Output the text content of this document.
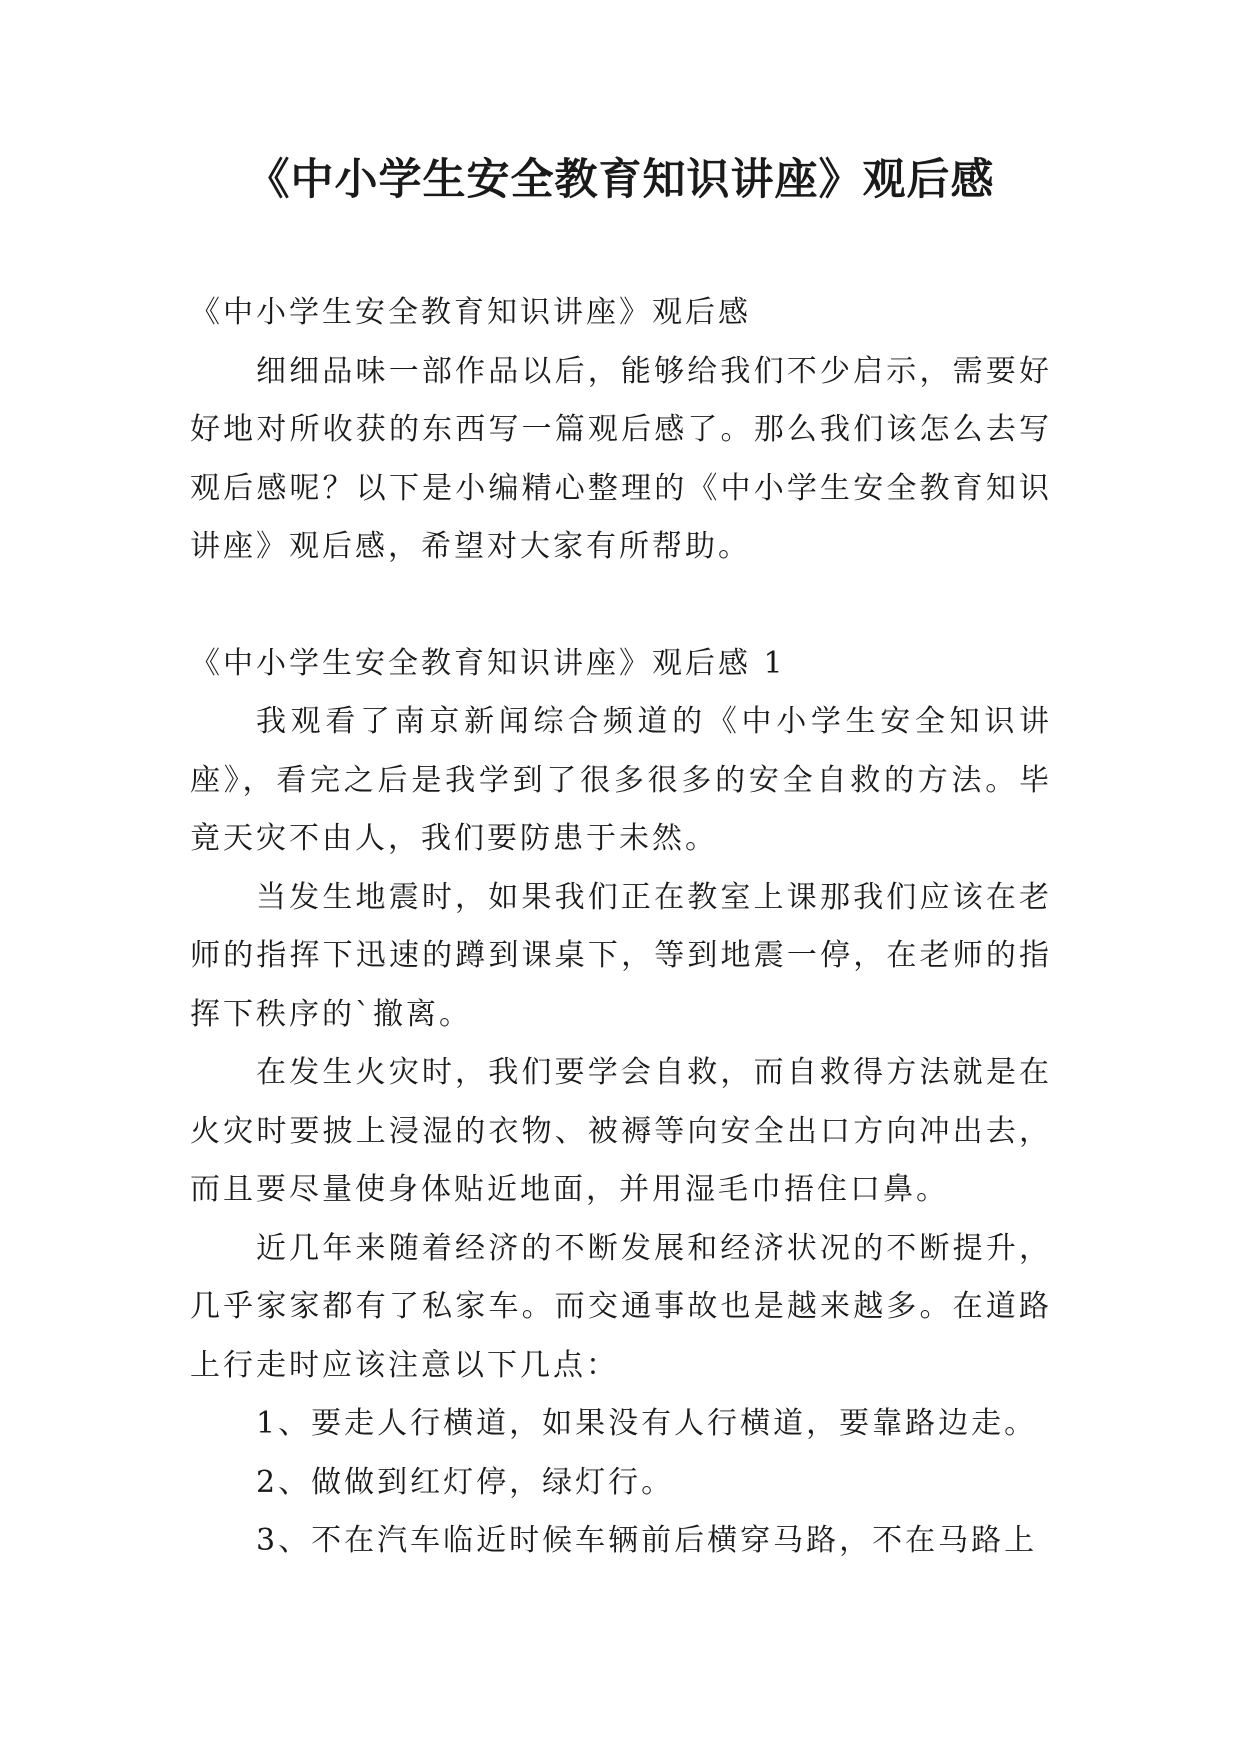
《中小学生安全教育知识讲座》观后感

《中小学生安全教育知识讲座》观后感

细细品味一部作品以后，能够给我们不少启示，需要好好地对所收获的东西写一篇观后感了。那么我们该怎么去写观后感呢？以下是小编精心整理的《中小学生安全教育知识讲座》观后感，希望对大家有所帮助。

《中小学生安全教育知识讲座》观后感 1

我观看了南京新闻综合频道的《中小学生安全知识讲座》，看完之后是我学到了很多很多的安全自救的方法。毕竟天灾不由人，我们要防患于未然。

当发生地震时，如果我们正在教室上课那我们应该在老师的指挥下迅速的蹲到课桌下，等到地震一停，在老师的指挥下秩序的`撤离。

在发生火灾时，我们要学会自救，而自救得方法就是在火灾时要披上浸湿的衣物、被褥等向安全出口方向冲出去，而且要尽量使身体贴近地面，并用湿毛巾捂住口鼻。

近几年来随着经济的不断发展和经济状况的不断提升，几乎家家都有了私家车。而交通事故也是越来越多。在道路上行走时应该注意以下几点：

1、要走人行横道，如果没有人行横道，要靠路边走。

2、做做到红灯停，绿灯行。

3、不在汽车临近时候车辆前后横穿马路，不在马路上
